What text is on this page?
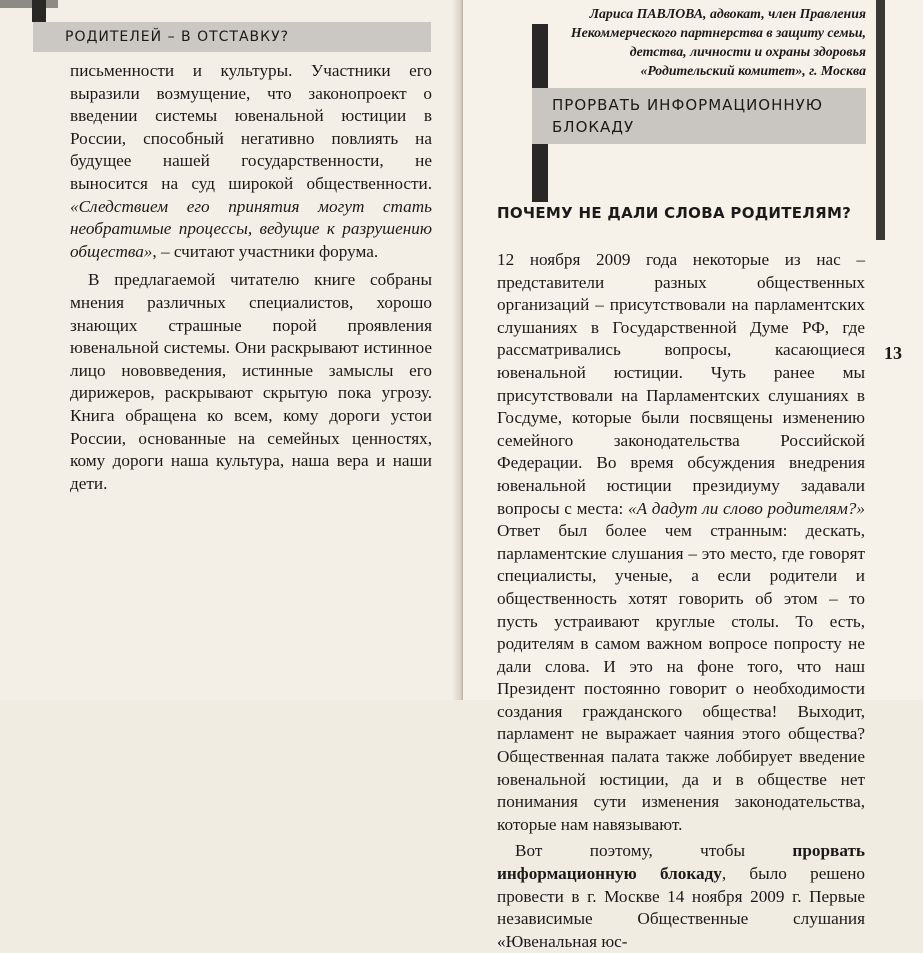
РОДИТЕЛЕЙ – В ОТСТАВКУ?

письменности и культуры. Участники его выразили возмущение, что законопроект о введении системы ювенальной юстиции в России, способный негативно повлиять на будущее нашей государственности, не выносится на суд широкой общественности. «Следствием его принятия могут стать необратимые процессы, ведущие к разрушению общества», – считают участники форума.

В предлагаемой читателю книге собраны мнения различных специалистов, хорошо знающих страшные порой проявления ювенальной системы. Они раскрывают истинное лицо нововведения, истинные замыслы его дирижеров, раскрывают скрытую пока угрозу. Книга обращена ко всем, кому дороги устои России, основанные на семейных ценностях, кому дороги наша культура, наша вера и наши дети.

Лариса ПАВЛОВА, адвокат, член Правления
Некоммерческого партнерства в защиту семьи,
детства, личности и охраны здоровья
«Родительский комитет», г. Москва
ПРОРВАТЬ ИНФОРМАЦИОННУЮ
БЛОКАДУ
ПОЧЕМУ НЕ ДАЛИ СЛОВА РОДИТЕЛЯМ?

12 ноября 2009 года некоторые из нас – представители разных общественных организаций – присутствовали на парламентских слушаниях в Государственной Думе РФ, где рассматривались вопросы, касающиеся ювенальной юстиции. Чуть ранее мы присутствовали на Парламентских слушаниях в Госдуме, которые были посвящены изменению семейного законодательства Российской Федерации. Во время обсуждения внедрения ювенальной юстиции президиуму задавали вопросы с места: «А дадут ли слово родителям?» Ответ был более чем странным: дескать, парламентские слушания – это место, где говорят специалисты, ученые, а если родители и общественность хотят говорить об этом – то пусть устраивают круглые столы. То есть, родителям в самом важном вопросе попросту не дали слова. И это на фоне того, что наш Президент постоянно говорит о необходимости создания гражданского общества! Выходит, парламент не выражает чаяния этого общества? Общественная палата также лоббирует введение ювенальной юстиции, да и в обществе нет понимания сути изменения законодательства, которые нам навязывают.

Вот поэтому, чтобы прорвать информационную блокаду, было решено провести в г. Москве 14 ноября 2009 г. Первые независимые Общественные слушания «Ювенальная юс-

13
